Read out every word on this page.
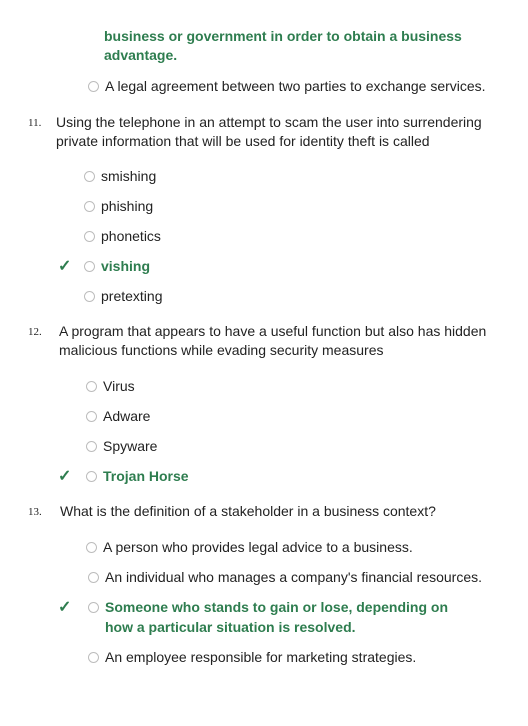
business or government in order to obtain a business advantage.
A legal agreement between two parties to exchange services.
11. Using the telephone in an attempt to scam the user into surrendering private information that will be used for identity theft is called
smishing
phishing
phonetics
✓ vishing
pretexting
12. A program that appears to have a useful function but also has hidden malicious functions while evading security measures
Virus
Adware
Spyware
✓ Trojan Horse
13. What is the definition of a stakeholder in a business context?
A person who provides legal advice to a business.
An individual who manages a company's financial resources.
✓ Someone who stands to gain or lose, depending on how a particular situation is resolved.
An employee responsible for marketing strategies.
